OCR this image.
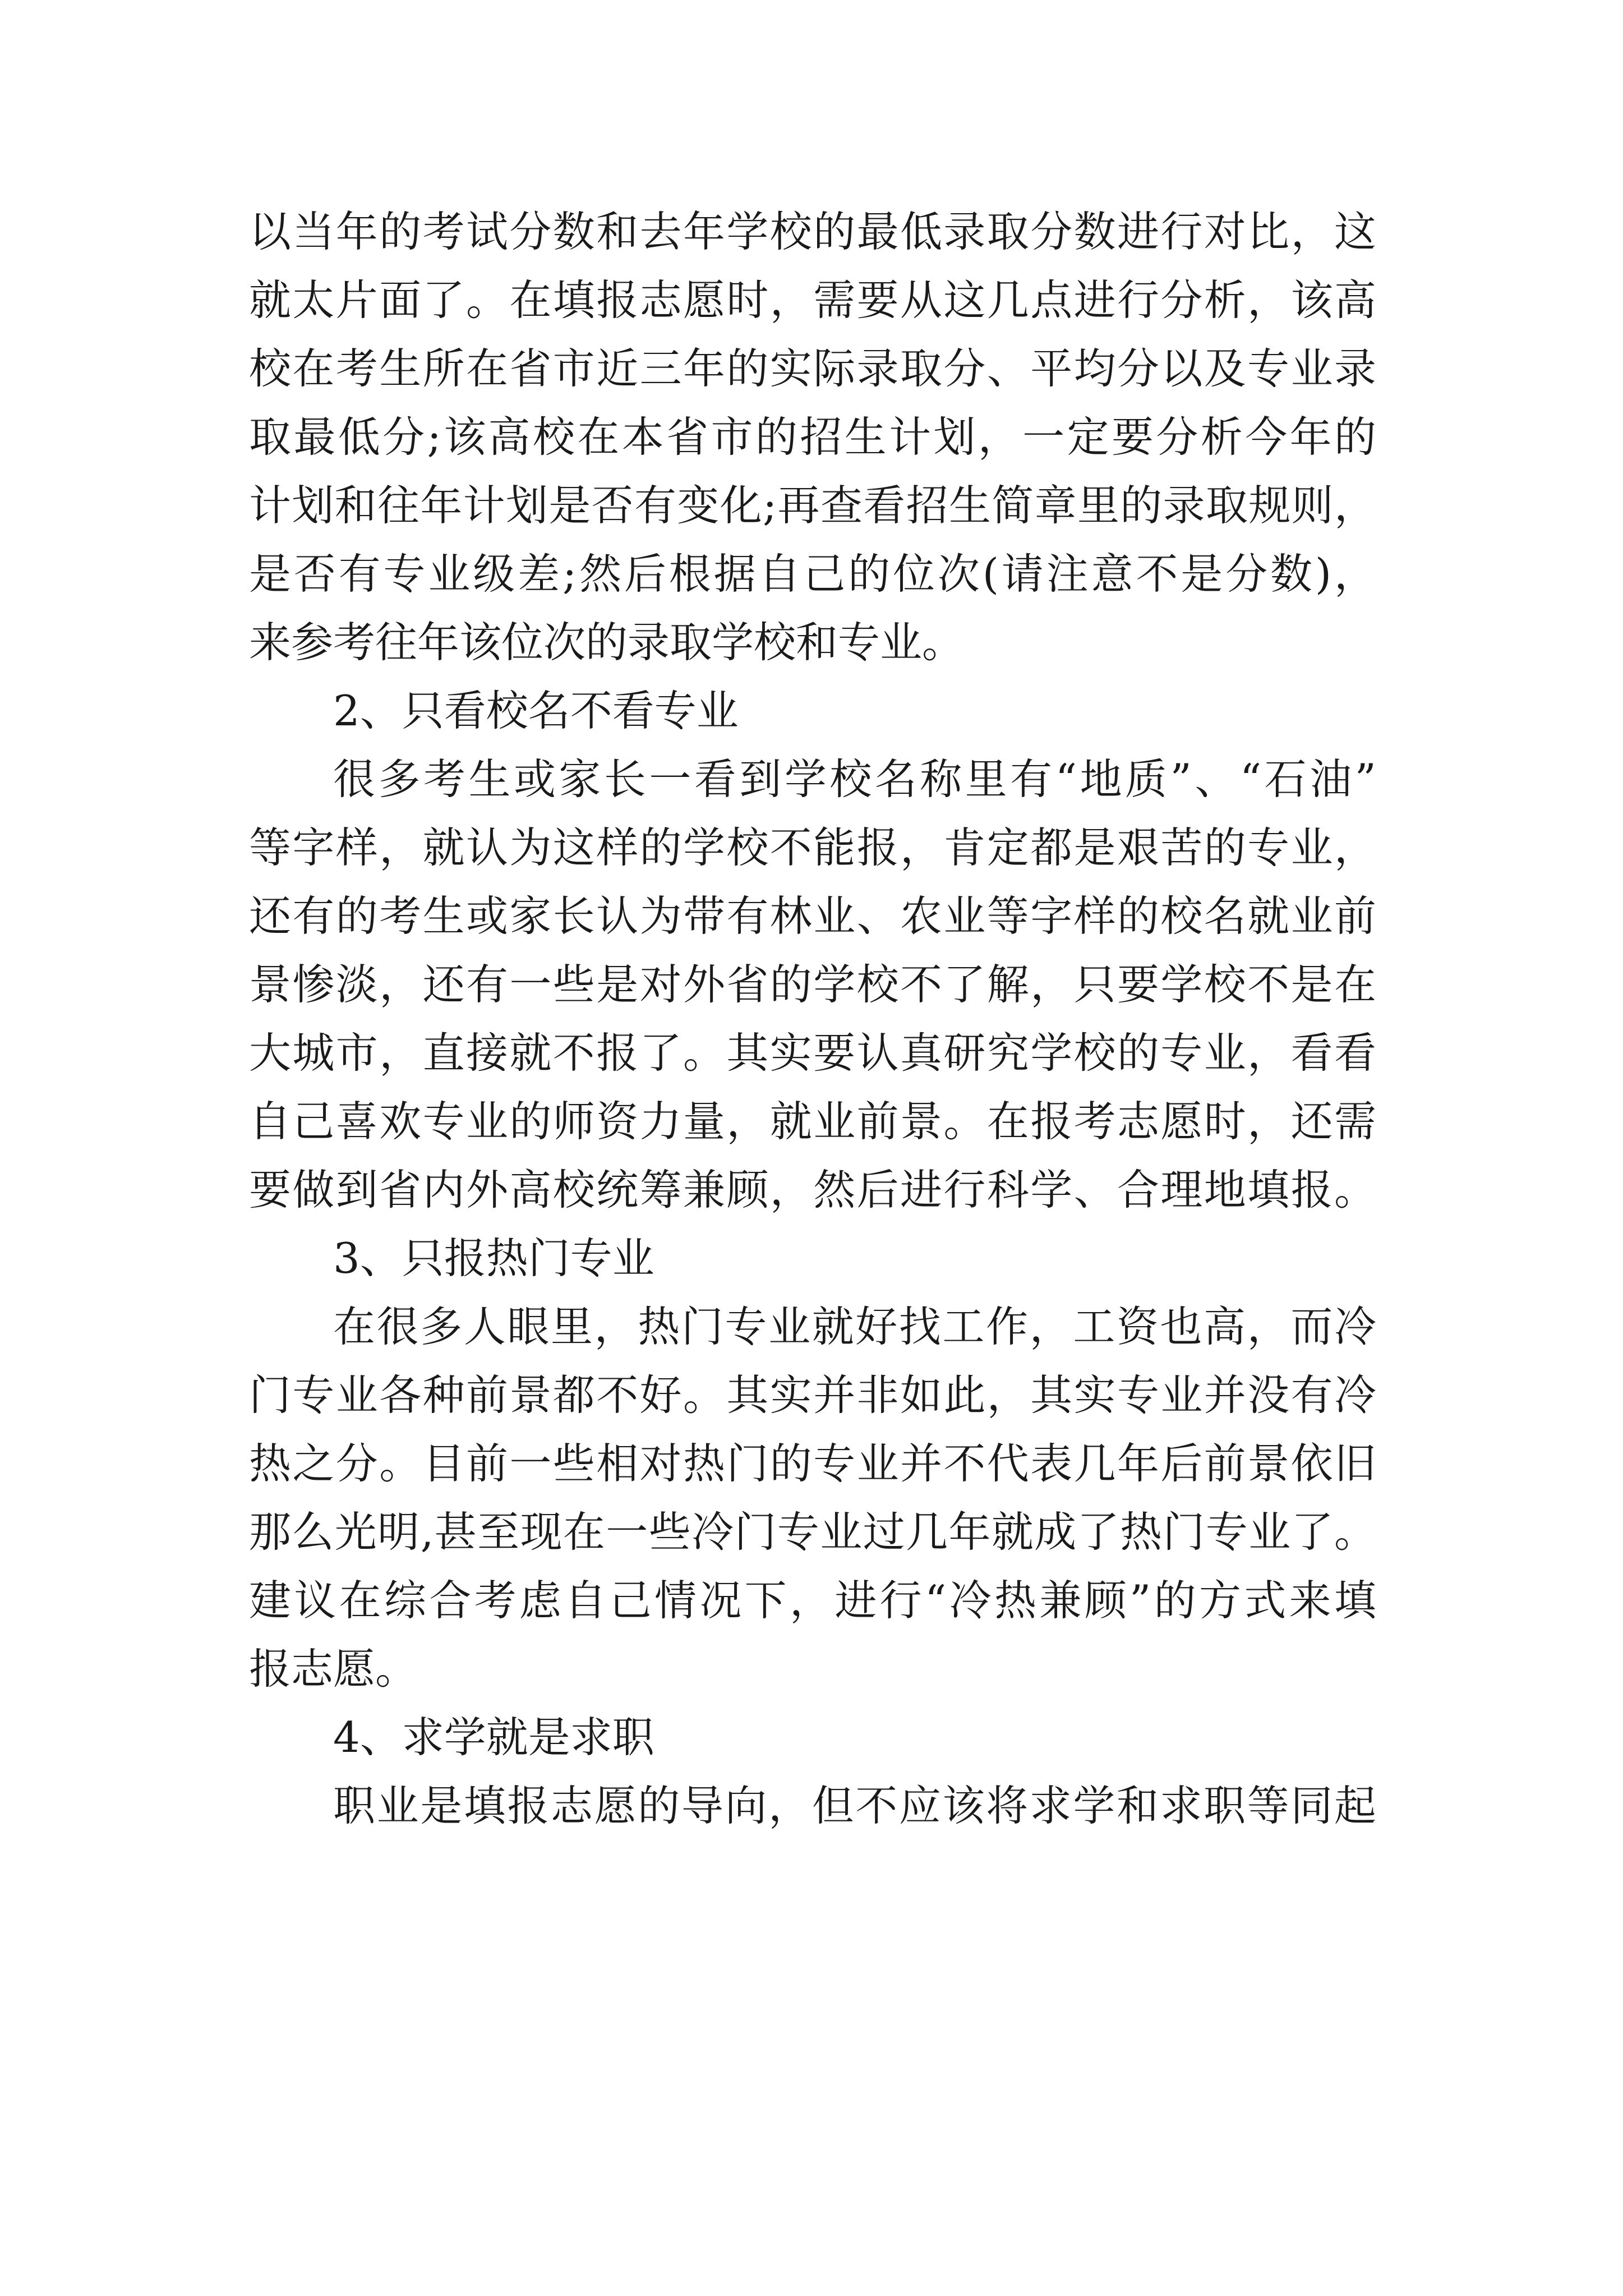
以当年的考试分数和去年学校的最低录取分数进行对比，这
就太片面了。在填报志愿时，需要从这几点进行分析，该高
校在考生所在省市近三年的实际录取分、平均分以及专业录
取最低分;该高校在本省市的招生计划，一定要分析今年的
计划和往年计划是否有变化;再查看招生简章里的录取规则，
是否有专业级差;然后根据自己的位次(请注意不是分数)，
来参考往年该位次的录取学校和专业。
2、只看校名不看专业
很多考生或家长一看到学校名称里有“地质”、“石油”
等字样，就认为这样的学校不能报，肯定都是艰苦的专业，
还有的考生或家长认为带有林业、农业等字样的校名就业前
景惨淡，还有一些是对外省的学校不了解，只要学校不是在
大城市，直接就不报了。其实要认真研究学校的专业，看看
自己喜欢专业的师资力量，就业前景。在报考志愿时，还需
要做到省内外高校统筹兼顾，然后进行科学、合理地填报。
3、只报热门专业
在很多人眼里，热门专业就好找工作，工资也高，而冷
门专业各种前景都不好。其实并非如此，其实专业并没有冷
热之分。目前一些相对热门的专业并不代表几年后前景依旧
那么光明,甚至现在一些冷门专业过几年就成了热门专业了。
建议在综合考虑自己情况下，进行“冷热兼顾”的方式来填
报志愿。
4、求学就是求职
职业是填报志愿的导向，但不应该将求学和求职等同起
